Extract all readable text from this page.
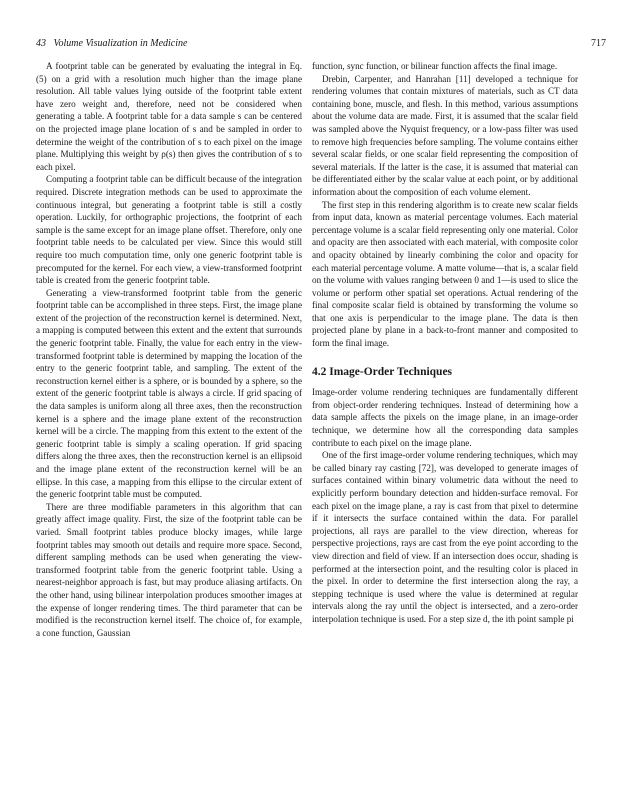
43 Volume Visualization in Medicine	717

A footprint table can be generated by evaluating the integral in Eq. (5) on a grid with a resolution much higher than the image plane resolution. All table values lying outside of the footprint table extent have zero weight and, therefore, need not be considered when generating a table. A footprint table for a data sample s can be centered on the projected image plane location of s and be sampled in order to determine the weight of the contribution of s to each pixel on the image plane. Multiplying this weight by ρ(s) then gives the contribution of s to each pixel.

Computing a footprint table can be difficult because of the integration required. Discrete integration methods can be used to approximate the continuous integral, but generating a footprint table is still a costly operation. Luckily, for orthographic projections, the footprint of each sample is the same except for an image plane offset. Therefore, only one footprint table needs to be calculated per view. Since this would still require too much computation time, only one generic footprint table is precomputed for the kernel. For each view, a view-transformed footprint table is created from the generic footprint table.

Generating a view-transformed footprint table from the generic footprint table can be accomplished in three steps. First, the image plane extent of the projection of the reconstruction kernel is determined. Next, a mapping is computed between this extent and the extent that surrounds the generic footprint table. Finally, the value for each entry in the view-transformed footprint table is determined by mapping the location of the entry to the generic footprint table, and sampling. The extent of the reconstruction kernel either is a sphere, or is bounded by a sphere, so the extent of the generic footprint table is always a circle. If grid spacing of the data samples is uniform along all three axes, then the reconstruction kernel is a sphere and the image plane extent of the reconstruction kernel will be a circle. The mapping from this extent to the extent of the generic footprint table is simply a scaling operation. If grid spacing differs along the three axes, then the reconstruction kernel is an ellipsoid and the image plane extent of the reconstruction kernel will be an ellipse. In this case, a mapping from this ellipse to the circular extent of the generic footprint table must be computed.

There are three modifiable parameters in this algorithm that can greatly affect image quality. First, the size of the footprint table can be varied. Small footprint tables produce blocky images, while large footprint tables may smooth out details and require more space. Second, different sampling methods can be used when generating the view-transformed footprint table from the generic footprint table. Using a nearest-neighbor approach is fast, but may produce aliasing artifacts. On the other hand, using bilinear interpolation produces smoother images at the expense of longer rendering times. The third parameter that can be modified is the reconstruction kernel itself. The choice of, for example, a cone function, Gaussian

function, sync function, or bilinear function affects the final image.

Drebin, Carpenter, and Hanrahan [11] developed a technique for rendering volumes that contain mixtures of materials, such as CT data containing bone, muscle, and flesh. In this method, various assumptions about the volume data are made. First, it is assumed that the scalar field was sampled above the Nyquist frequency, or a low-pass filter was used to remove high frequencies before sampling. The volume contains either several scalar fields, or one scalar field representing the composition of several materials. If the latter is the case, it is assumed that material can be differentiated either by the scalar value at each point, or by additional information about the composition of each volume element.

The first step in this rendering algorithm is to create new scalar fields from input data, known as material percentage volumes. Each material percentage volume is a scalar field representing only one material. Color and opacity are then associated with each material, with composite color and opacity obtained by linearly combining the color and opacity for each material percentage volume. A matte volume—that is, a scalar field on the volume with values ranging between 0 and 1—is used to slice the volume or perform other spatial set operations. Actual rendering of the final composite scalar field is obtained by transforming the volume so that one axis is perpendicular to the image plane. The data is then projected plane by plane in a back-to-front manner and composited to form the final image.

4.2 Image-Order Techniques

Image-order volume rendering techniques are fundamentally different from object-order rendering techniques. Instead of determining how a data sample affects the pixels on the image plane, in an image-order technique, we determine how all the corresponding data samples contribute to each pixel on the image plane.

One of the first image-order volume rendering techniques, which may be called binary ray casting [72], was developed to generate images of surfaces contained within binary volumetric data without the need to explicitly perform boundary detection and hidden-surface removal. For each pixel on the image plane, a ray is cast from that pixel to determine if it intersects the surface contained within the data. For parallel projections, all rays are parallel to the view direction, whereas for perspective projections, rays are cast from the eye point according to the view direction and field of view. If an intersection does occur, shading is performed at the intersection point, and the resulting color is placed in the pixel. In order to determine the first intersection along the ray, a stepping technique is used where the value is determined at regular intervals along the ray until the object is intersected, and a zero-order interpolation technique is used. For a step size d, the ith point sample pi
